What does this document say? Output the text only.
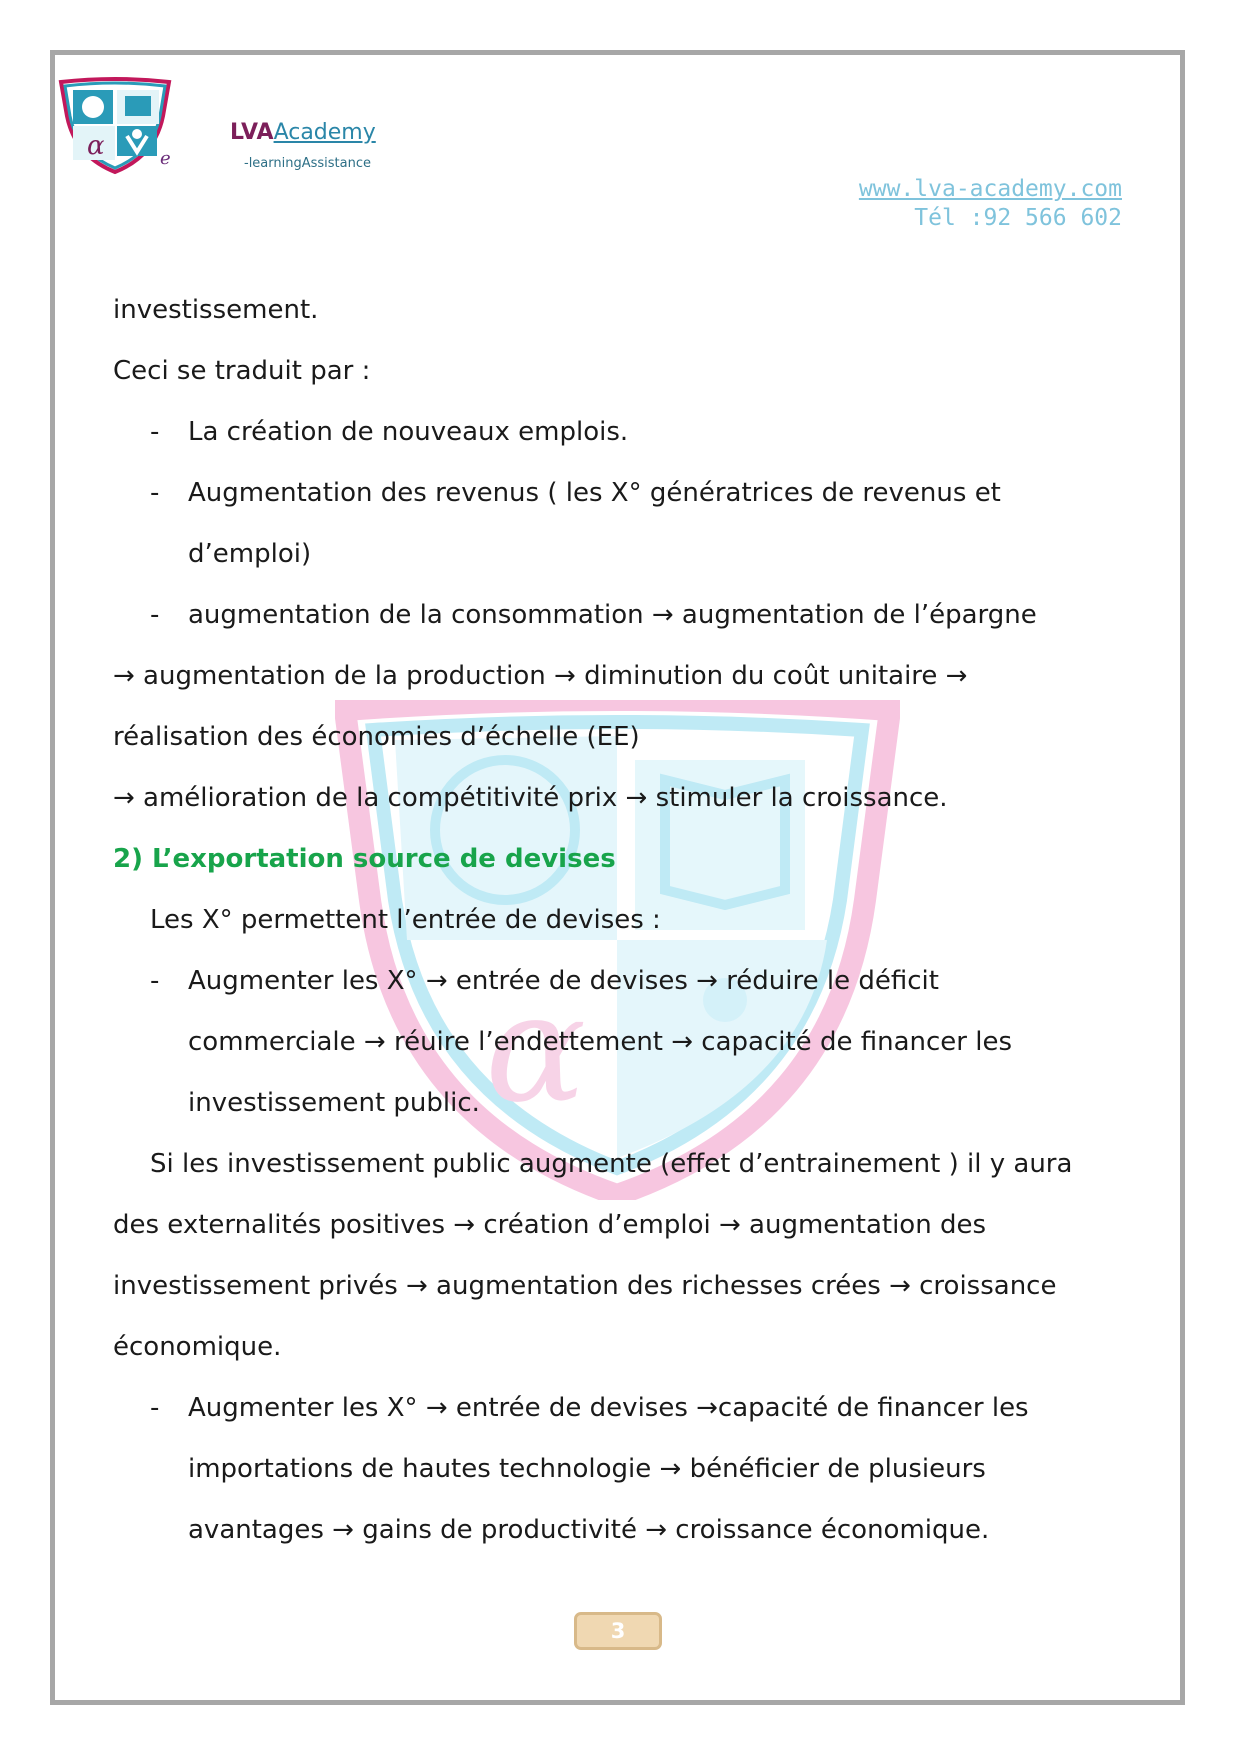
α	e
LVAAcademy
-learningAssistance
www.lva-academy.com
Tél :92 566 602
α
investissement.
Ceci se traduit par :
- La création de nouveaux emplois.
- Augmentation des revenus ( les X° génératrices de revenus et
d’emploi)
- augmentation de la consommation → augmentation de l’épargne
→ augmentation de la production → diminution du coût unitaire →
réalisation des économies d’échelle (EE)
→ amélioration de la compétitivité prix → stimuler la croissance.
2) L’exportation source de devises
Les X° permettent l’entrée de devises :
- Augmenter les X° → entrée de devises → réduire le déficit
commerciale → réuire l’endettement → capacité de financer les
investissement public.
Si les investissement public augmente (effet d’entrainement ) il y aura
des externalités positives → création d’emploi → augmentation des
investissement privés → augmentation des richesses crées → croissance
économique.
- Augmenter les X° → entrée de devises →capacité de financer les
importations de hautes technologie → bénéficier de plusieurs
avantages → gains de productivité → croissance économique.
3
